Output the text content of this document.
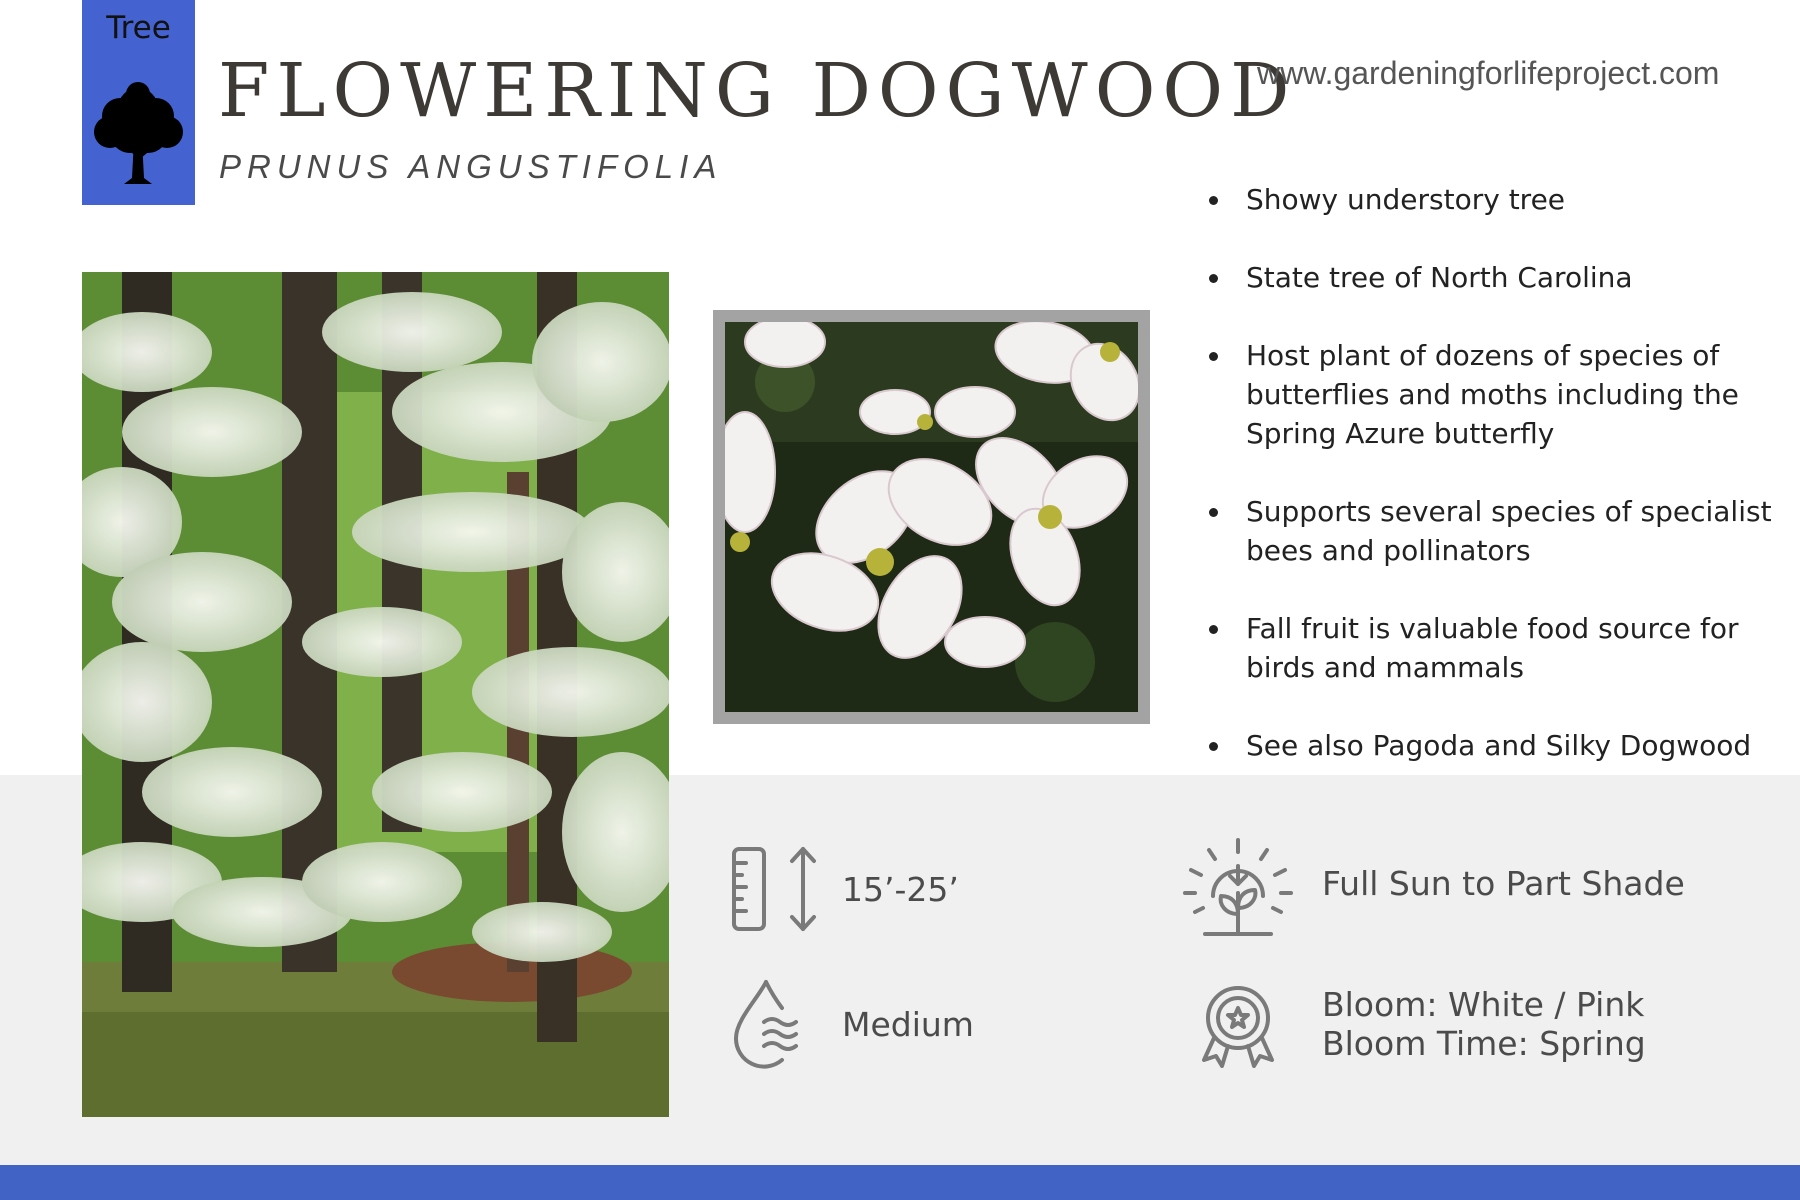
Tree
FLOWERING DOGWOOD
PRUNUS ANGUSTIFOLIA
www.gardeningforlifeproject.com
Showy understory tree
State tree of North Carolina
Host plant of dozens of species of butterflies and moths including the Spring Azure butterfly
Supports several species of specialist bees and pollinators
Fall fruit is valuable food source for birds and mammals
See also Pagoda and Silky Dogwood
15’-25’	Full Sun to Part Shade
Medium
Bloom: White / Pink
Bloom Time: Spring
